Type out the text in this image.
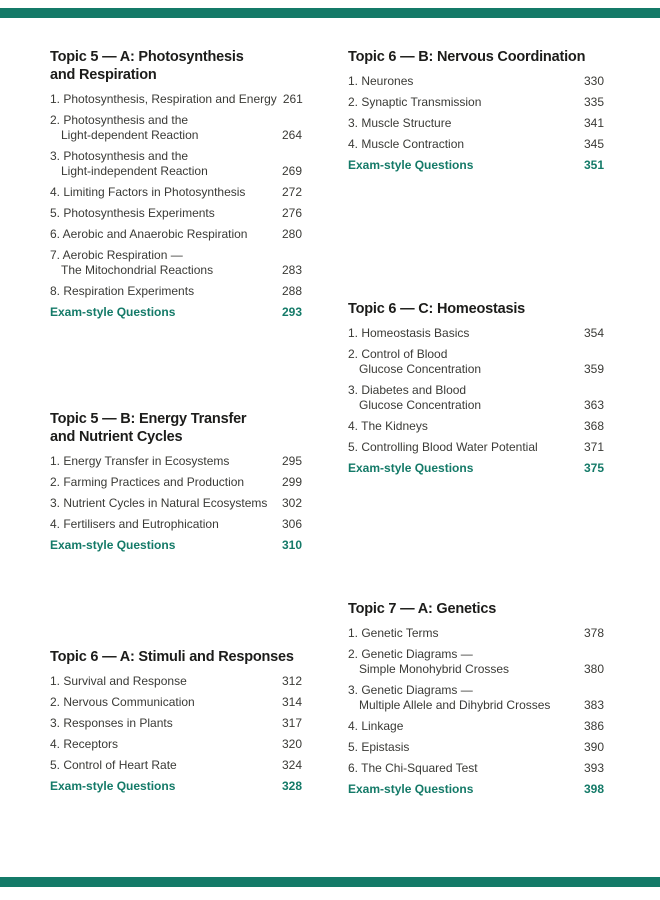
Topic 5 — A: Photosynthesis
and Respiration
1. Photosynthesis, Respiration and Energy 261
2. Photosynthesis and the
Light-dependent Reaction	264
3. Photosynthesis and the
Light-independent Reaction	269
4. Limiting Factors in Photosynthesis	272
5. Photosynthesis Experiments	276
6. Aerobic and Anaerobic Respiration	280
7. Aerobic Respiration —
The Mitochondrial Reactions	283
8. Respiration Experiments	288
Exam-style Questions	293
Topic 5 — B: Energy Transfer
and Nutrient Cycles
1. Energy Transfer in Ecosystems	295
2. Farming Practices and Production	299
3. Nutrient Cycles in Natural Ecosystems	302
4. Fertilisers and Eutrophication	306
Exam-style Questions	310
Topic 6 — A: Stimuli and Responses
1. Survival and Response	312
2. Nervous Communication	314
3. Responses in Plants	317
4. Receptors	320
5. Control of Heart Rate	324
Exam-style Questions	328
Topic 6 — B: Nervous Coordination
1. Neurones	330
2. Synaptic Transmission	335
3. Muscle Structure	341
4. Muscle Contraction	345
Exam-style Questions	351
Topic 6 — C: Homeostasis
1. Homeostasis Basics	354
2. Control of Blood
Glucose Concentration	359
3. Diabetes and Blood
Glucose Concentration	363
4. The Kidneys	368
5. Controlling Blood Water Potential	371
Exam-style Questions	375
Topic 7 — A: Genetics
1. Genetic Terms	378
2. Genetic Diagrams —
Simple Monohybrid Crosses	380
3. Genetic Diagrams —
Multiple Allele and Dihybrid Crosses	383
4. Linkage	386
5. Epistasis	390
6. The Chi-Squared Test	393
Exam-style Questions	398
